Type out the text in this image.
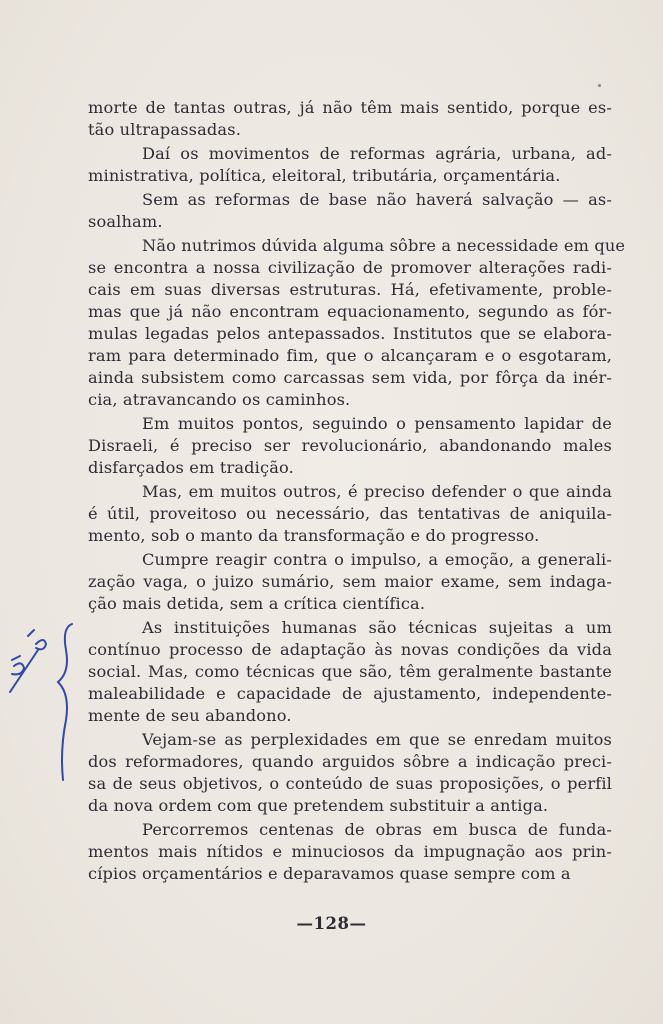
morte de tantas outras, já não têm mais sentido, porque es-
tão ultrapassadas.

Daí os movimentos de reformas agrária, urbana, ad-
ministrativa, política, eleitoral, tributária, orçamentária.

Sem as reformas de base não haverá salvação — as-
soalham.

Não nutrimos dúvida alguma sôbre a necessidade em que
se encontra a nossa civilização de promover alterações radi-
cais em suas diversas estruturas. Há, efetivamente, proble-
mas que já não encontram equacionamento, segundo as fór-
mulas legadas pelos antepassados. Institutos que se elabora-
ram para determinado fim, que o alcançaram e o esgotaram,
ainda subsistem como carcassas sem vida, por fôrça da inér-
cia, atravancando os caminhos.

Em muitos pontos, seguindo o pensamento lapidar de
Disraeli, é preciso ser revolucionário, abandonando males
disfarçados em tradição.

Mas, em muitos outros, é preciso defender o que ainda
é útil, proveitoso ou necessário, das tentativas de aniquila-
mento, sob o manto da transformação e do progresso.

Cumpre reagir contra o impulso, a emoção, a generali-
zação vaga, o juizo sumário, sem maior exame, sem indaga-
ção mais detida, sem a crítica científica.

As instituições humanas são técnicas sujeitas a um
contínuo processo de adaptação às novas condições da vida
social. Mas, como técnicas que são, têm geralmente bastante
maleabilidade e capacidade de ajustamento, independente-
mente de seu abandono.

Vejam-se as perplexidades em que se enredam muitos
dos reformadores, quando arguidos sôbre a indicação preci-
sa de seus objetivos, o conteúdo de suas proposições, o perfil
da nova ordem com que pretendem substituir a antiga.

Percorremos centenas de obras em busca de funda-
mentos mais nítidos e minuciosos da impugnação aos prin-
cípios orçamentários e deparavamos quase sempre com a

—128—
